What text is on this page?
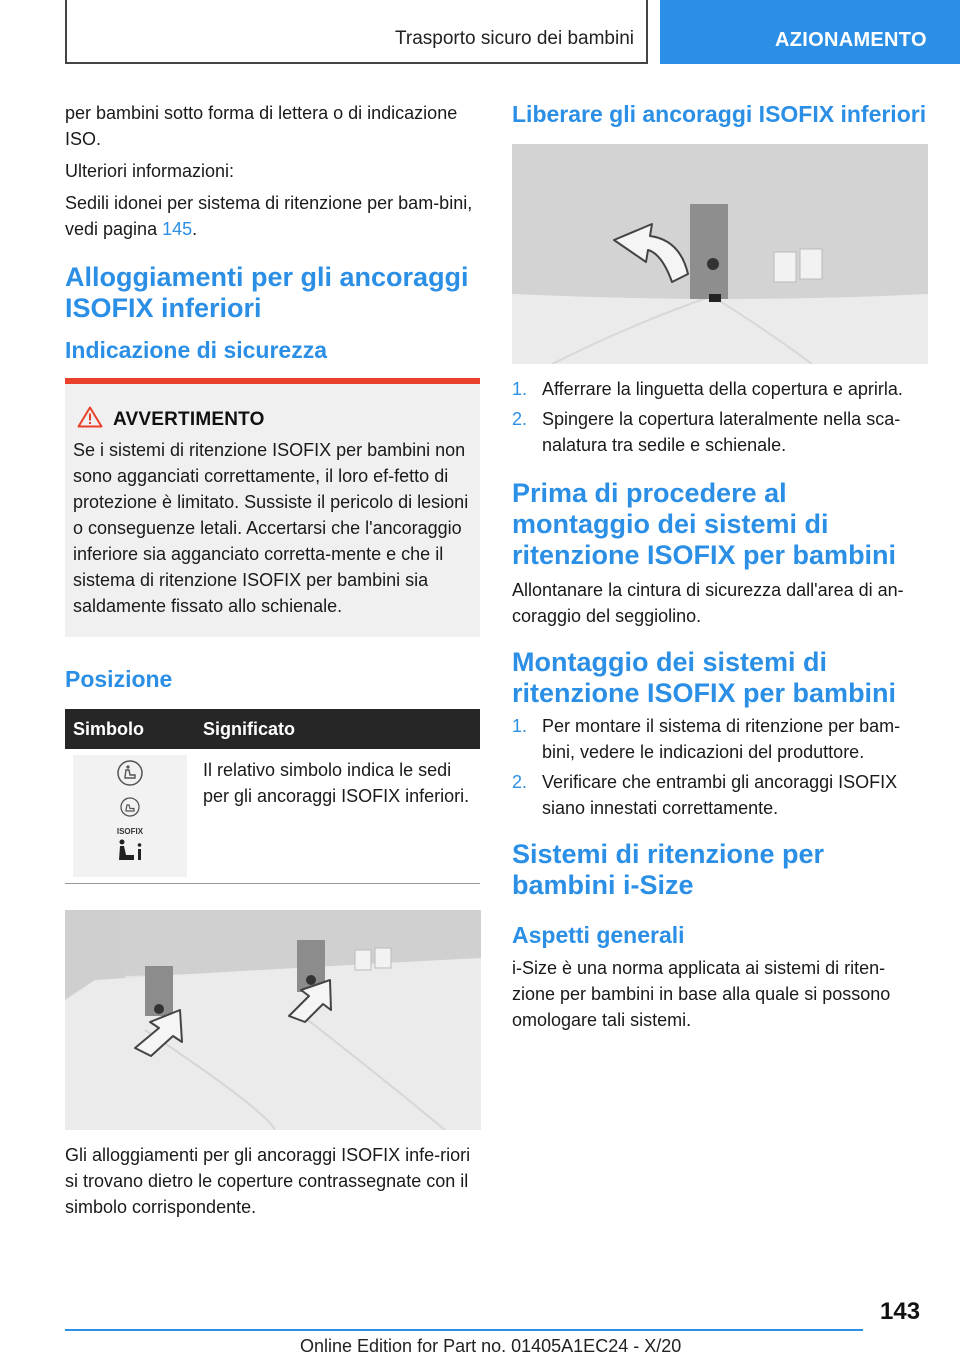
Trasporto sicuro dei bambini	AZIONAMENTO

per bambini sotto forma di lettera o di indicazione ISO.

Ulteriori informazioni:

Sedili idonei per sistema di ritenzione per bam-bini, vedi pagina 145.

Alloggiamenti per gli ancoraggi ISOFIX inferiori
Indicazione di sicurezza
AVVERTIMENTO

Se i sistemi di ritenzione ISOFIX per bambini non sono agganciati correttamente, il loro ef-fetto di protezione è limitato. Sussiste il pericolo di lesioni o conseguenze letali. Accertarsi che l'ancoraggio inferiore sia agganciato corretta-mente e che il sistema di ritenzione ISOFIX per bambini sia saldamente fissato allo schienale.

Posizione
Simbolo	Significato

ISOFIX	Il relativo simbolo indica le sedi per gli ancoraggi ISOFIX inferiori.

Gli alloggiamenti per gli ancoraggi ISOFIX infe-riori si trovano dietro le coperture contrassegnate con il simbolo corrispondente.

Liberare gli ancoraggi ISOFIX inferiori
1. Afferrare la linguetta della copertura e aprirla.
2. Spingere la copertura lateralmente nella sca-nalatura tra sedile e schienale.
Prima di procedere al montaggio dei sistemi di ritenzione ISOFIX per bambini

Allontanare la cintura di sicurezza dall'area di an-coraggio del seggiolino.

Montaggio dei sistemi di ritenzione ISOFIX per bambini
1. Per montare il sistema di ritenzione per bam-bini, vedere le indicazioni del produttore.
2. Verificare che entrambi gli ancoraggi ISOFIX siano innestati correttamente.
Sistemi di ritenzione per bambini i-Size
Aspetti generali

i-Size è una norma applicata ai sistemi di riten-zione per bambini in base alla quale si possono omologare tali sistemi.

143
Online Edition for Part no. 01405A1EC24 - X/20
